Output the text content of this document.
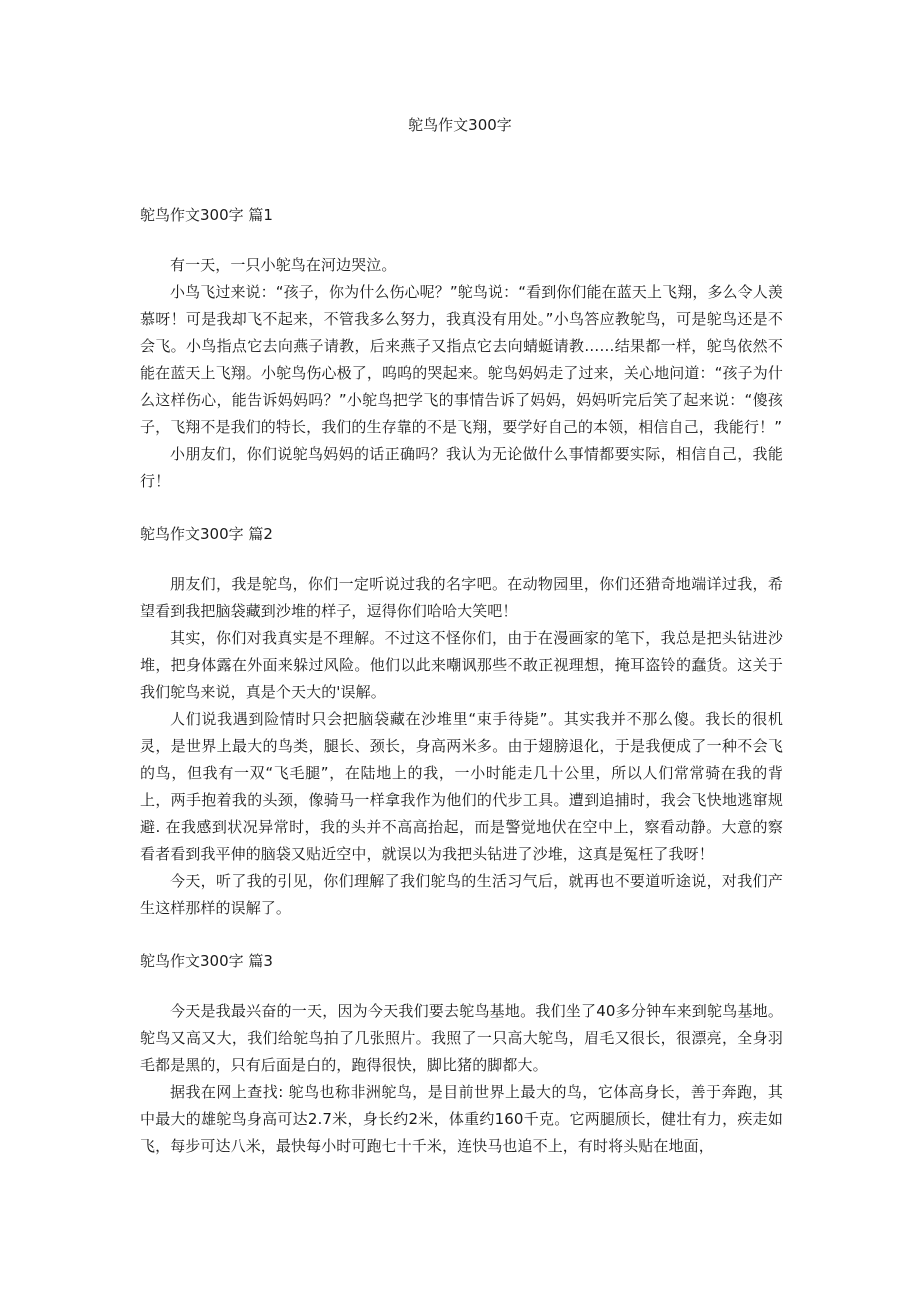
鸵鸟作文300字

鸵鸟作文300字 篇1

有一天，一只小鸵鸟在河边哭泣。

小鸟飞过来说：“孩子，你为什么伤心呢？”鸵鸟说：“看到你们能在蓝天上飞翔，多么令人羡慕呀！可是我却飞不起来，不管我多么努力，我真没有用处。”小鸟答应教鸵鸟，可是鸵鸟还是不会飞。小鸟指点它去向燕子请教，后来燕子又指点它去向蜻蜓请教……结果都一样，鸵鸟依然不能在蓝天上飞翔。小鸵鸟伤心极了，呜呜的哭起来。鸵鸟妈妈走了过来，关心地问道：“孩子为什么这样伤心，能告诉妈妈吗？”小鸵鸟把学飞的事情告诉了妈妈，妈妈听完后笑了起来说：“傻孩子，飞翔不是我们的特长，我们的生存靠的不是飞翔，要学好自己的本领，相信自己，我能行！”

小朋友们，你们说鸵鸟妈妈的话正确吗？我认为无论做什么事情都要实际，相信自己，我能行！

鸵鸟作文300字 篇2

朋友们，我是鸵鸟，你们一定听说过我的名字吧。在动物园里，你们还猎奇地端详过我，希望看到我把脑袋藏到沙堆的样子，逗得你们哈哈大笑吧！

其实，你们对我真实是不理解。不过这不怪你们，由于在漫画家的笔下，我总是把头钻进沙堆，把身体露在外面来躲过风险。他们以此来嘲讽那些不敢正视理想，掩耳盗铃的蠢货。这关于我们鸵鸟来说，真是个天大的'误解。

人们说我遇到险情时只会把脑袋藏在沙堆里“束手待毙”。其实我并不那么傻。我长的很机灵，是世界上最大的鸟类，腿长、颈长，身高两米多。由于翅膀退化，于是我便成了一种不会飞的鸟，但我有一双“飞毛腿”，在陆地上的我，一小时能走几十公里，所以人们常常骑在我的背上，两手抱着我的头颈，像骑马一样拿我作为他们的代步工具。遭到追捕时，我会飞快地逃窜规避. 在我感到状况异常时，我的头并不高高抬起，而是警觉地伏在空中上，察看动静。大意的察看者看到我平伸的脑袋又贴近空中，就误以为我把头钻进了沙堆，这真是冤枉了我呀！

今天，听了我的引见，你们理解了我们鸵鸟的生活习气后，就再也不要道听途说，对我们产生这样那样的误解了。

鸵鸟作文300字 篇3

今天是我最兴奋的一天，因为今天我们要去鸵鸟基地。我们坐了40多分钟车来到鸵鸟基地。鸵鸟又高又大，我们给鸵鸟拍了几张照片。我照了一只高大鸵鸟，眉毛又很长，很漂亮，全身羽毛都是黑的，只有后面是白的，跑得很快，脚比猪的脚都大。

据我在网上查找: 鸵鸟也称非洲鸵鸟，是目前世界上最大的鸟，它体高身长，善于奔跑，其中最大的雄鸵鸟身高可达2.7米，身长约2米，体重约160千克。它两腿颀长，健壮有力，疾走如飞，每步可达八米，最快每小时可跑七十千米，连快马也追不上，有时将头贴在地面，
